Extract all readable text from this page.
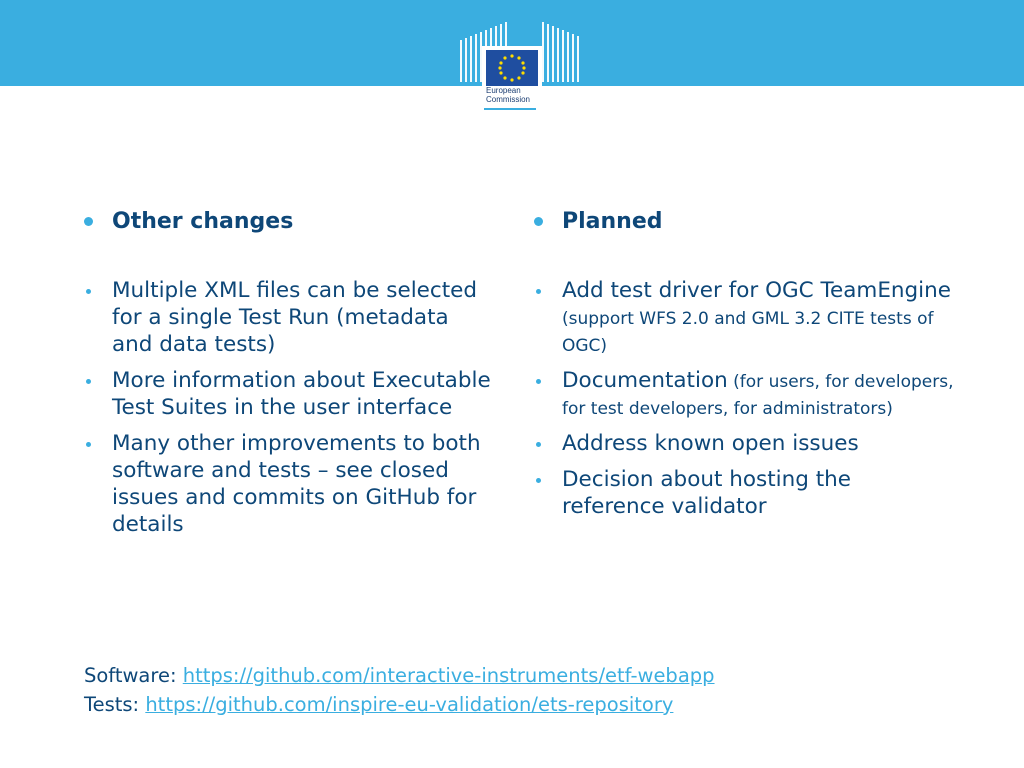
European
Commission
Other changes
Multiple XML files can be selected for a single Test Run (metadata and data tests)
More information about Executable Test Suites in the user interface
Many other improvements to both software and tests – see closed issues and commits on GitHub for details
Planned
Add test driver for OGC TeamEngine (support WFS 2.0 and GML 3.2 CITE tests of OGC)
Documentation (for users, for developers, for test developers, for administrators)
Address known open issues
Decision about hosting the reference validator
Software: https://github.com/interactive-instruments/etf-webapp
Tests: https://github.com/inspire-eu-validation/ets-repository
